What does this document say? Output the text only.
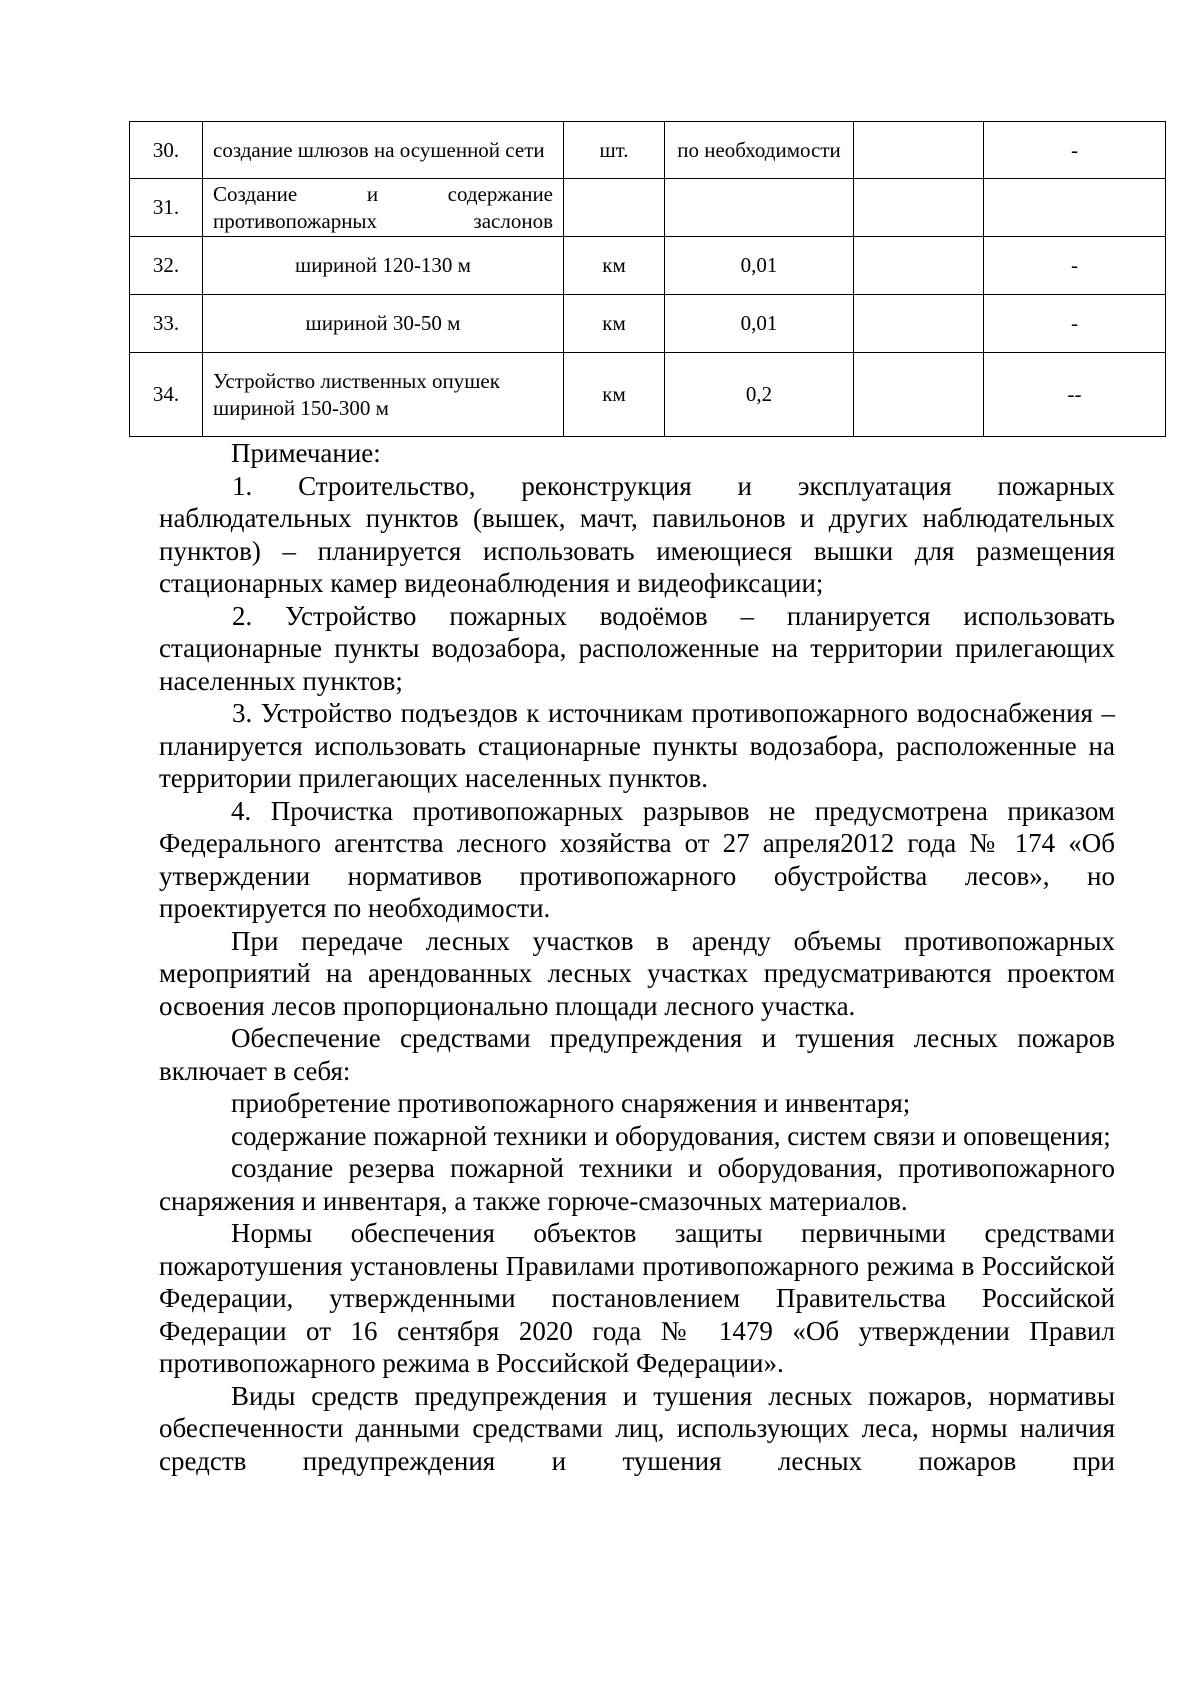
30.	создание шлюзов на осушенной сети	шт.	по необходимости		-
31.	Создание и содержание противопожарных заслонов				
32.	шириной 120-130 м	км	0,01		-
33.	шириной 30-50 м	км	0,01		-
34.	Устройство лиственных опушек шириной 150-300 м	км	0,2		--

Примечание:

1. Строительство, реконструкция и эксплуатация пожарных наблюдательных пунктов (вышек, мачт, павильонов и других наблюдательных пунктов) – планируется использовать имеющиеся вышки для размещения стационарных камер видеонаблюдения и видеофиксации;

2. Устройство пожарных водоёмов – планируется использовать стационарные пункты водозабора, расположенные на территории прилегающих населенных пунктов;

3. Устройство подъездов к источникам противопожарного водоснабжения – планируется использовать стационарные пункты водозабора, расположенные на территории прилегающих населенных пунктов.

4. Прочистка противопожарных разрывов не предусмотрена приказом Федерального агентства лесного хозяйства от 27 апреля2012 года № 174 «Об утверждении нормативов противопожарного обустройства лесов», но проектируется по необходимости.

При передаче лесных участков в аренду объемы противопожарных мероприятий на арендованных лесных участках предусматриваются проектом освоения лесов пропорционально площади лесного участка.

Обеспечение средствами предупреждения и тушения лесных пожаров включает в себя:

приобретение противопожарного снаряжения и инвентаря;

содержание пожарной техники и оборудования, систем связи и оповещения;

создание резерва пожарной техники и оборудования, противопожарного снаряжения и инвентаря, а также горюче-смазочных материалов.

Нормы обеспечения объектов защиты первичными средствами пожаротушения установлены Правилами противопожарного режима в Российской Федерации, утвержденными постановлением Правительства Российской Федерации от 16 сентября 2020 года № 1479 «Об утверждении Правил противопожарного режима в Российской Федерации».

Виды средств предупреждения и тушения лесных пожаров, нормативы обеспеченности данными средствами лиц, использующих леса, нормы наличия средств предупреждения и тушения лесных пожаров при
